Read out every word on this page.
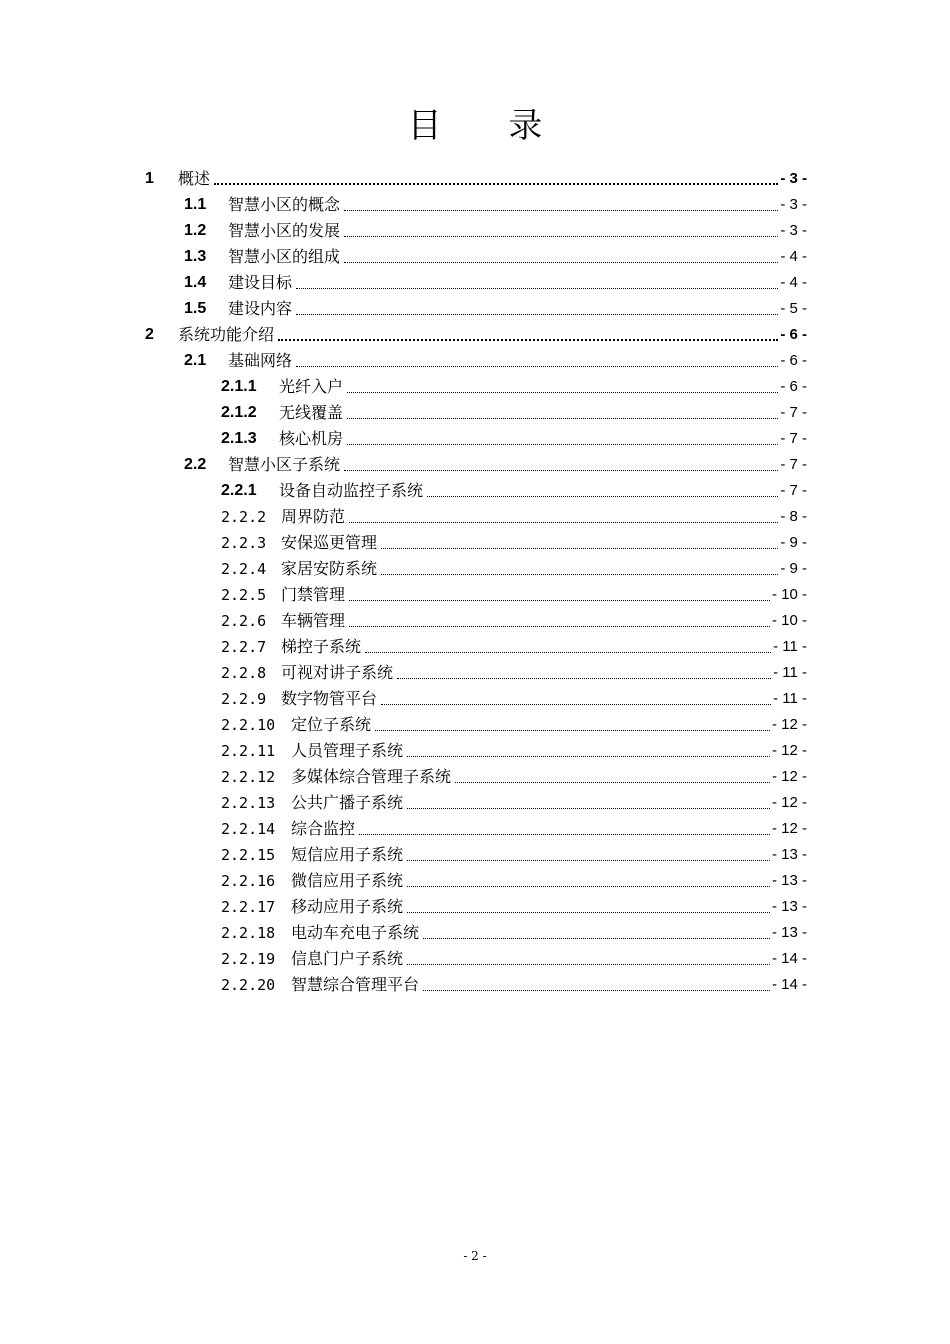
目 录
1	概述	- 3 -
1.1	智慧小区的概念	- 3 -
1.2	智慧小区的发展	- 3 -
1.3	智慧小区的组成	- 4 -
1.4	建设目标	- 4 -
1.5	建设内容	- 5 -
2	系统功能介绍	- 6 -
2.1	基础网络	- 6 -
2.1.1	光纤入户	- 6 -
2.1.2	无线覆盖	- 7 -
2.1.3	核心机房	- 7 -
2.2	智慧小区子系统	- 7 -
2.2.1	设备自动监控子系统	- 7 -
2.2.2 周界防范	- 8 -
2.2.3 安保巡更管理	- 9 -
2.2.4 家居安防系统	- 9 -
2.2.5 门禁管理	- 10 -
2.2.6 车辆管理	- 10 -
2.2.7 梯控子系统	- 11 -
2.2.8 可视对讲子系统	- 11 -
2.2.9 数字物管平台	- 11 -
2.2.10 定位子系统	- 12 -
2.2.11 人员管理子系统	- 12 -
2.2.12 多媒体综合管理子系统	- 12 -
2.2.13 公共广播子系统	- 12 -
2.2.14 综合监控	- 12 -
2.2.15 短信应用子系统	- 13 -
2.2.16 微信应用子系统	- 13 -
2.2.17 移动应用子系统	- 13 -
2.2.18 电动车充电子系统	- 13 -
2.2.19 信息门户子系统	- 14 -
2.2.20 智慧综合管理平台	- 14 -
- 2 -
